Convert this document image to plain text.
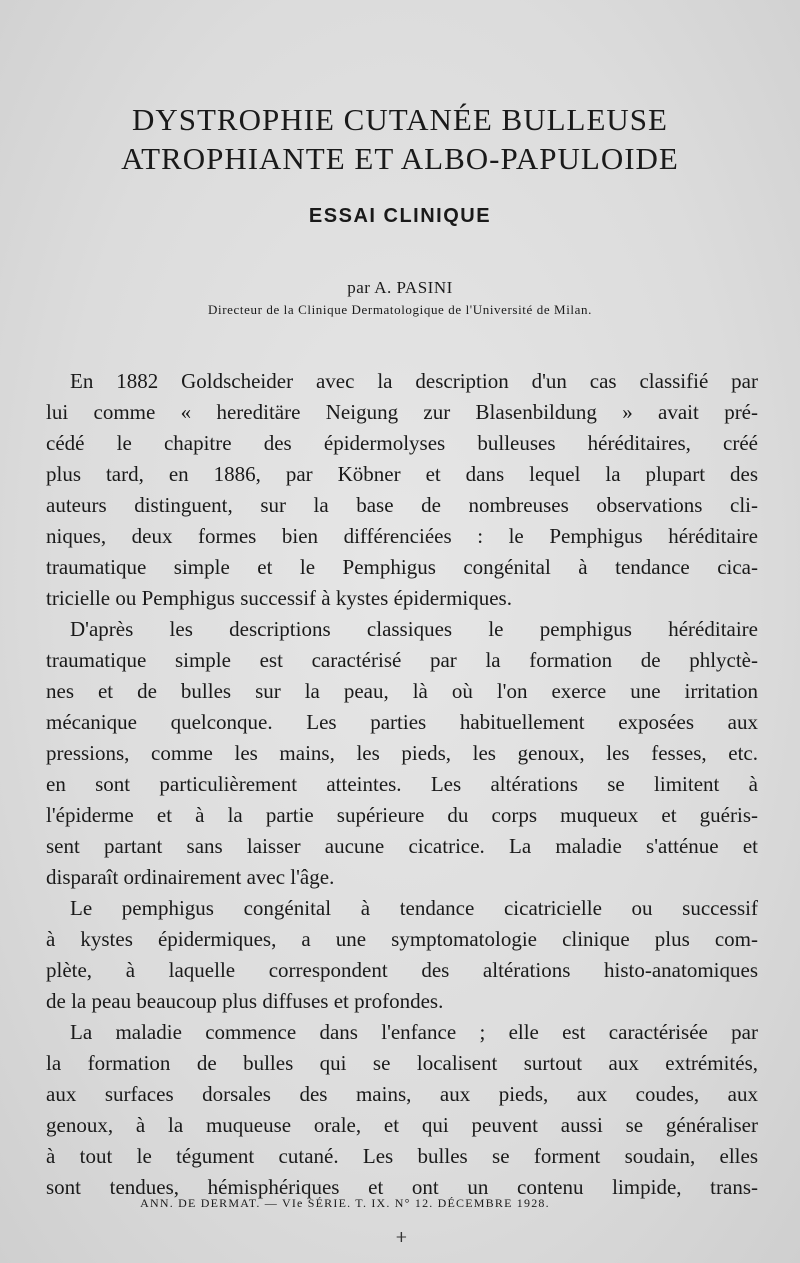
DYSTROPHIE CUTANÉE BULLEUSE
ATROPHIANTE ET ALBO-PAPULOIDE
ESSAI CLINIQUE
par A. PASINI
Directeur de la Clinique Dermatologique de l'Université de Milan.
En 1882 Goldscheider avec la description d'un cas classifié par
lui comme « hereditäre Neigung zur Blasenbildung » avait pré-
cédé le chapitre des épidermolyses bulleuses héréditaires, créé
plus tard, en 1886, par Köbner et dans lequel la plupart des
auteurs distinguent, sur la base de nombreuses observations cli-
niques, deux formes bien différenciées : le Pemphigus héréditaire
traumatique simple et le Pemphigus congénital à tendance cica-
tricielle ou Pemphigus successif à kystes épidermiques.
D'après les descriptions classiques le pemphigus héréditaire
traumatique simple est caractérisé par la formation de phlyctè-
nes et de bulles sur la peau, là où l'on exerce une irritation
mécanique quelconque. Les parties habituellement exposées aux
pressions, comme les mains, les pieds, les genoux, les fesses, etc.
en sont particulièrement atteintes. Les altérations se limitent à
l'épiderme et à la partie supérieure du corps muqueux et guéris-
sent partant sans laisser aucune cicatrice. La maladie s'atténue et
disparaît ordinairement avec l'âge.
Le pemphigus congénital à tendance cicatricielle ou successif
à kystes épidermiques, a une symptomatologie clinique plus com-
plète, à laquelle correspondent des altérations histo-anatomiques
de la peau beaucoup plus diffuses et profondes.
La maladie commence dans l'enfance ; elle est caractérisée par
la formation de bulles qui se localisent surtout aux extrémités,
aux surfaces dorsales des mains, aux pieds, aux coudes, aux
genoux, à la muqueuse orale, et qui peuvent aussi se généraliser
à tout le tégument cutané. Les bulles se forment soudain, elles
sont tendues, hémisphériques et ont un contenu limpide, trans-
ANN. DE DERMAT. — VIe SÉRIE. T. IX. N° 12. DÉCEMBRE 1928.
ⵜ
